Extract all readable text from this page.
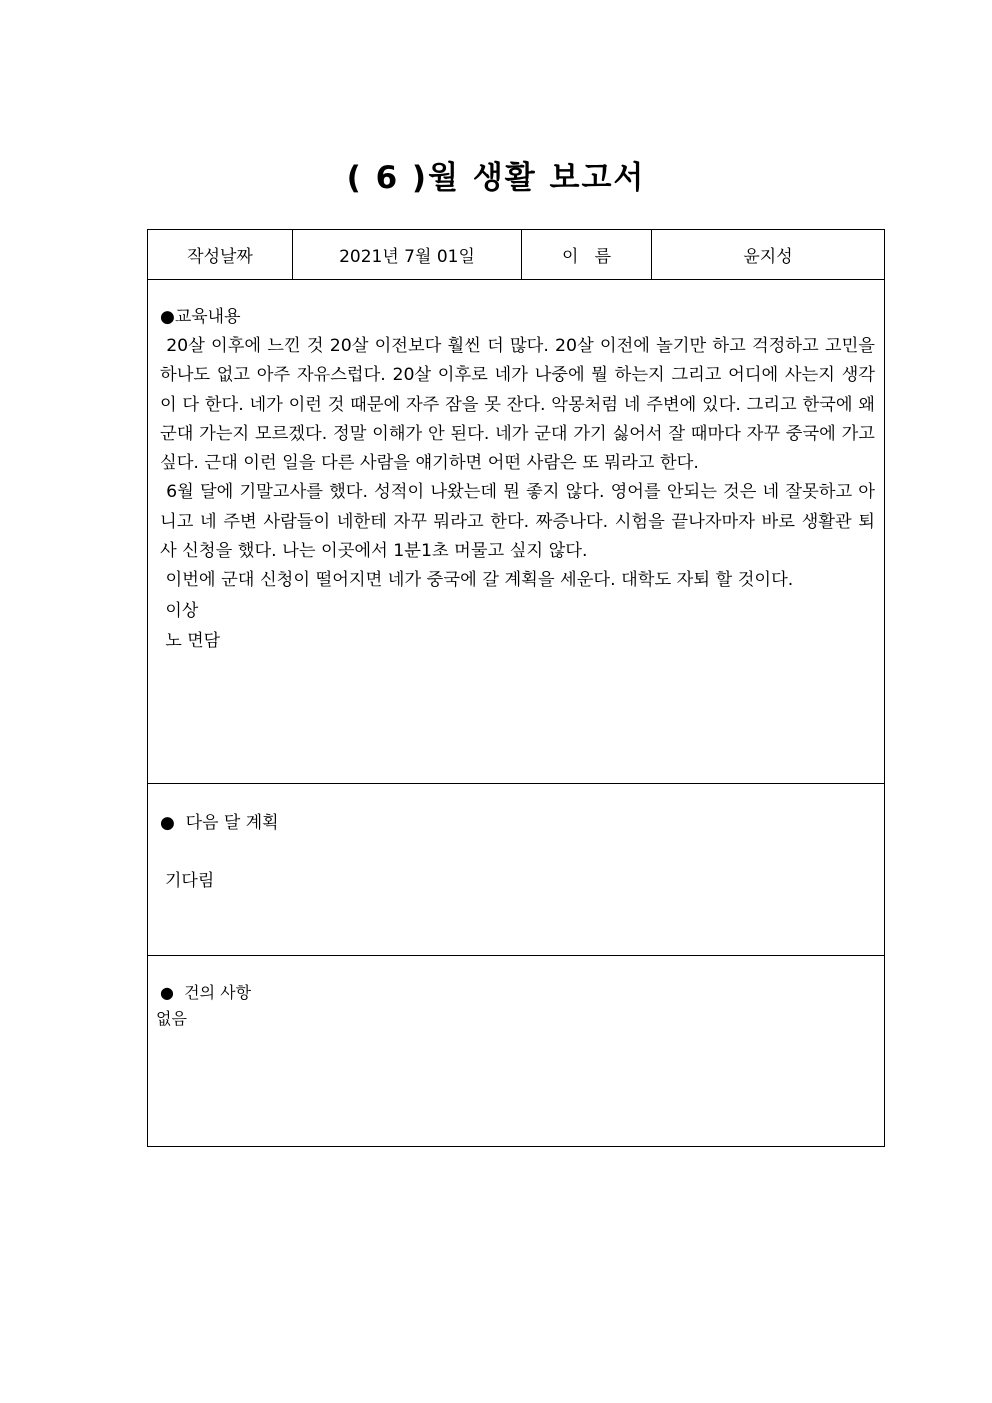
( 6 )월 생활 보고서
작성날짜	2021년 7월 01일	이   름	윤지성
●교육내용

20살 이후에 느낀 것 20살 이전보다 훨씬 더 많다. 20살 이전에 놀기만 하고 걱정하고 고민을 하나도 없고 아주 자유스럽다. 20살 이후로 네가 나중에 뭘 하는지 그리고 어디에 사는지 생각이 다 한다. 네가 이런 것 때문에 자주 잠을 못 잔다. 악몽처럼 네 주변에 있다. 그리고 한국에 왜 군대 가는지 모르겠다. 정말 이해가 안 된다. 네가 군대 가기 싫어서 잘 때마다 자꾸 중국에 가고 싶다. 근대 이런 일을 다른 사람을 얘기하면 어떤 사람은 또 뭐라고 한다.

6월 달에 기말고사를 했다. 성적이 나왔는데 뭔 좋지 않다. 영어를 안되는 것은 네 잘못하고 아니고 네 주변 사람들이 네한테 자꾸 뭐라고 한다. 짜증나다. 시험을 끝나자마자 바로 생활관 퇴사 신청을 했다. 나는 이곳에서 1분1초 머물고 싶지 않다.

이번에 군대 신청이 떨어지면 네가 중국에 갈 계획을 세운다. 대학도 자퇴 할 것이다.

이상

노 면담

●  다음 달 계획
기다림
●  건의 사항
없음
